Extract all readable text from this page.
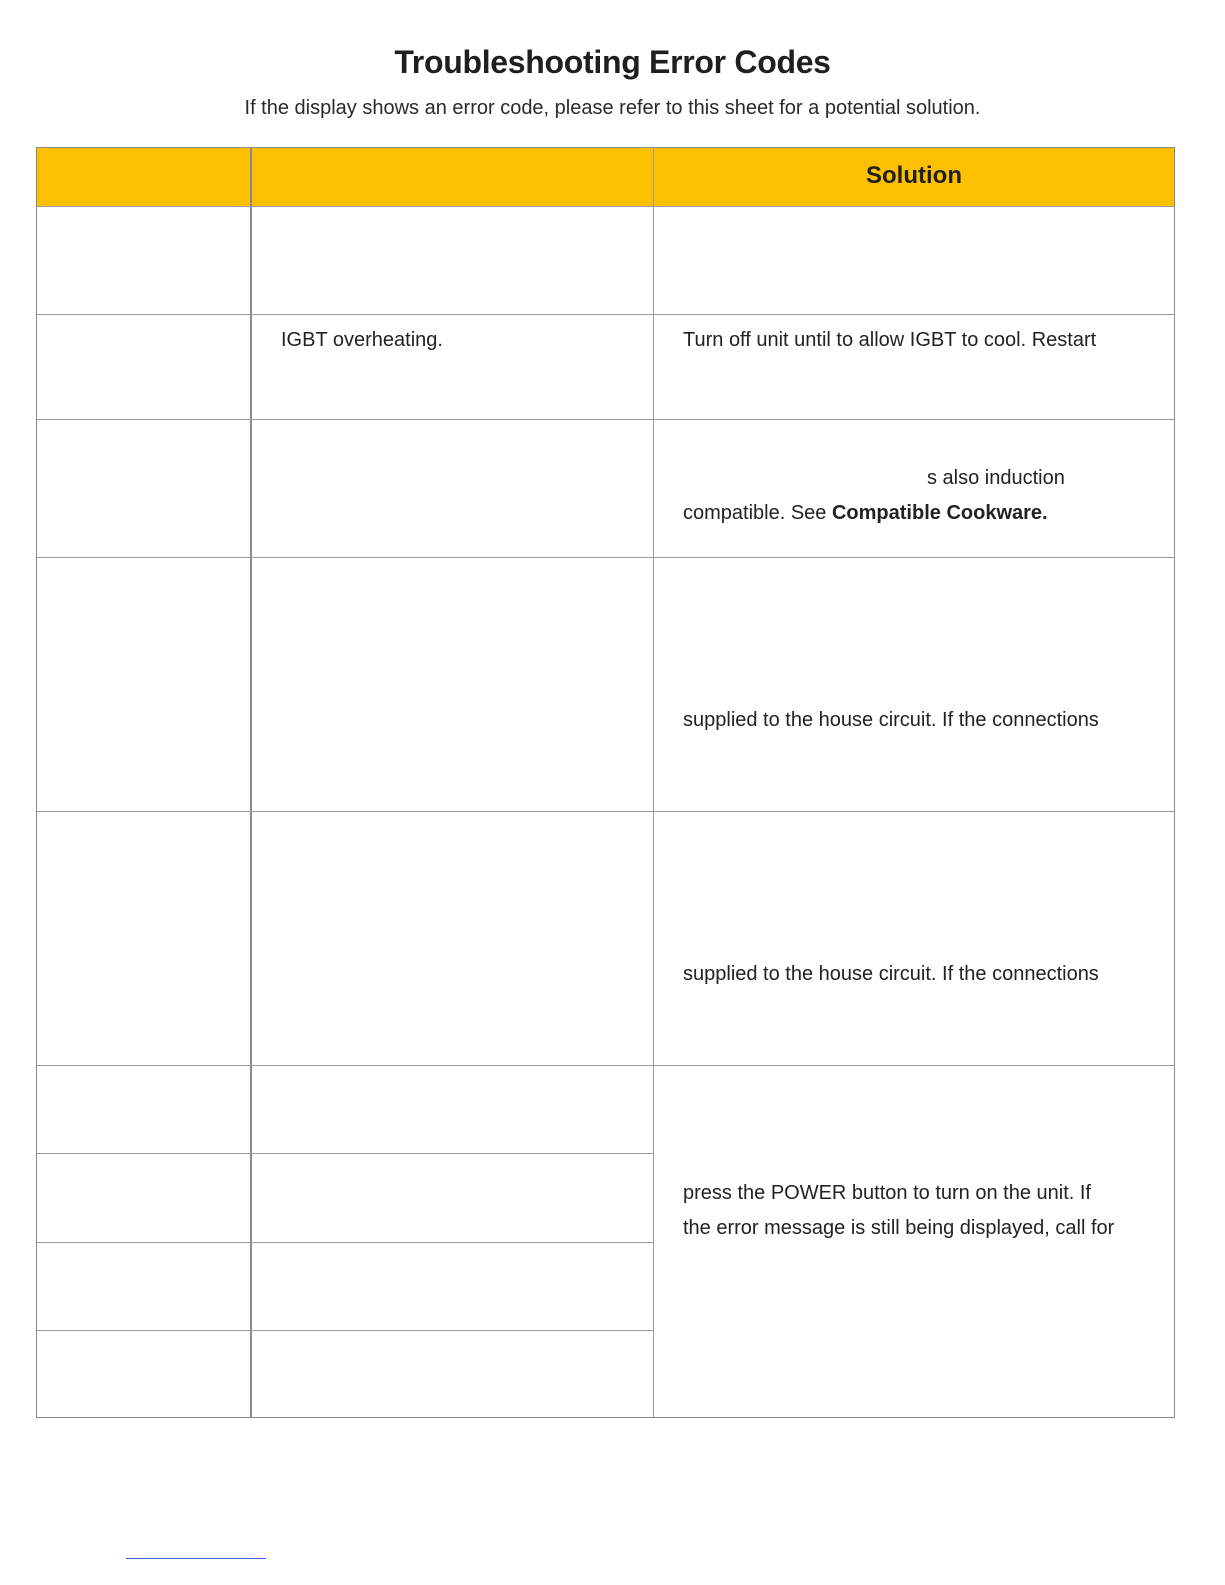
Troubleshooting Error Codes
If the display shows an error code, please refer to this sheet for a potential solution.
Solution
IGBT overheating.	Turn off unit until to allow IGBT to cool. Restart
s also induction
compatible. See Compatible Cookware.
supplied to the house circuit. If the connections
supplied to the house circuit. If the connections
press the POWER button to turn on the unit. If
the error message is still being displayed, call for
